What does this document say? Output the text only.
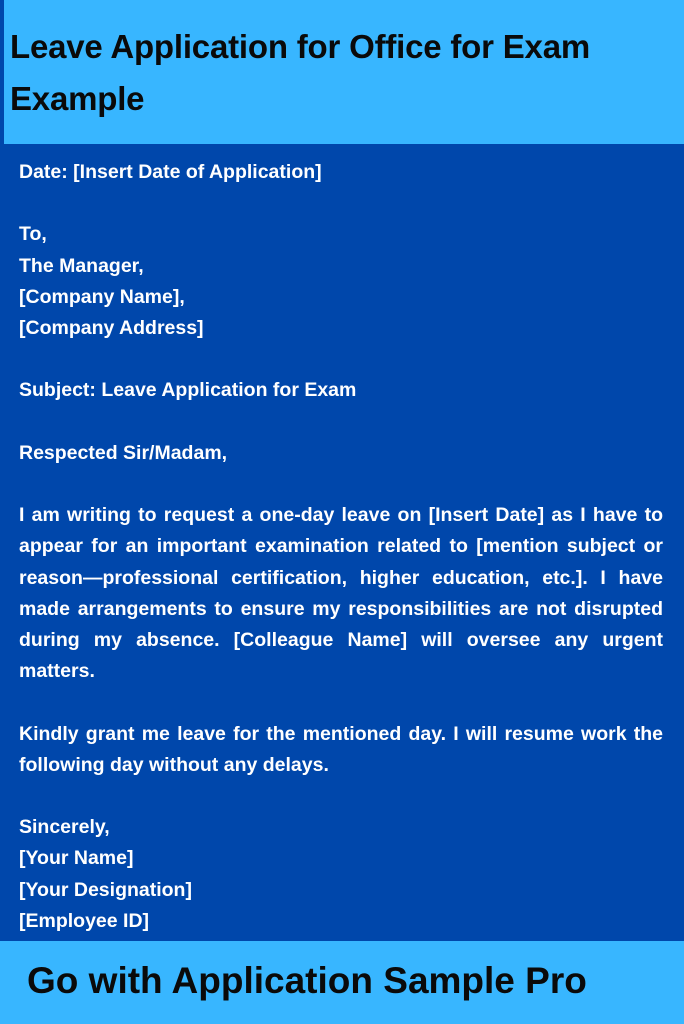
Leave Application for Office for Exam Example
Date: [Insert Date of Application]
To,
The Manager,
[Company Name],
[Company Address]
Subject: Leave Application for Exam
Respected Sir/Madam,

I am writing to request a one-day leave on [Insert Date] as I have to appear for an important examination related to [mention subject or reason—professional certification, higher education, etc.]. I have made arrangements to ensure my responsibilities are not disrupted during my absence. [Colleague Name] will oversee any urgent matters.

Kindly grant me leave for the mentioned day. I will resume work the following day without any delays.

Sincerely,
[Your Name]
[Your Designation]
[Employee ID]

Go with Application Sample Pro
